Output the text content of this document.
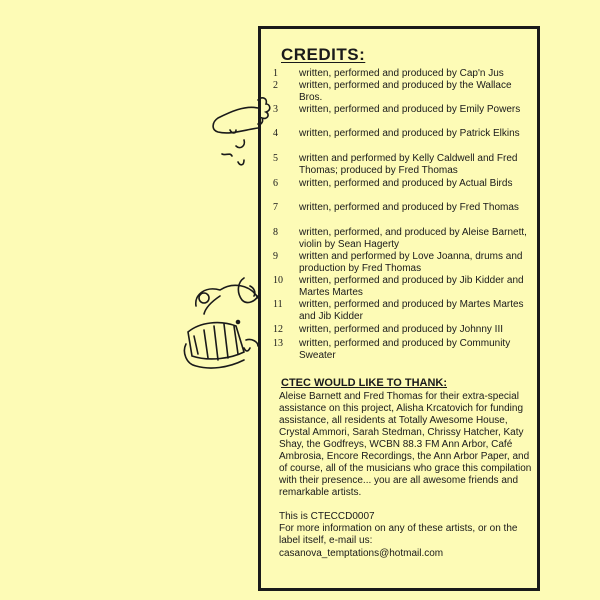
CREDITS:
1	written, performed and produced by Cap'n Jus
2	written, performed and produced by the Wallace Bros.
3	written, performed and produced by Emily Powers
4	written, performed and produced by Patrick Elkins
5	written and performed by Kelly Caldwell and Fred Thomas; produced by Fred Thomas
6	written, performed and produced by Actual Birds
7	written, performed and produced by Fred Thomas
8	written, performed, and produced by Aleise Barnett, violin by Sean Hagerty
9	written and performed by Love Joanna, drums and production by Fred Thomas
10	written, performed and produced by Jib Kidder and Martes Martes
11	written, performed and produced by Martes Martes and Jib Kidder
12	written, performed and produced by Johnny III
13	written, performed and produced by Community Sweater
CTEC WOULD LIKE TO THANK:
Aleise Barnett and Fred Thomas for their extra-special assistance on this project, Alisha Krcatovich for funding assistance, all residents at Totally Awesome House, Crystal Ammori, Sarah Stedman, Chrissy Hatcher, Katy Shay, the Godfreys, WCBN 88.3 FM Ann Arbor, Café Ambrosia, Encore Recordings, the Ann Arbor Paper, and of course, all of the musicians who grace this compilation with their presence... you are all awesome friends and remarkable artists.
This is CTECCD0007
For more information on any of these artists, or on the label itself, e-mail us:
casanova_temptations@hotmail.com
